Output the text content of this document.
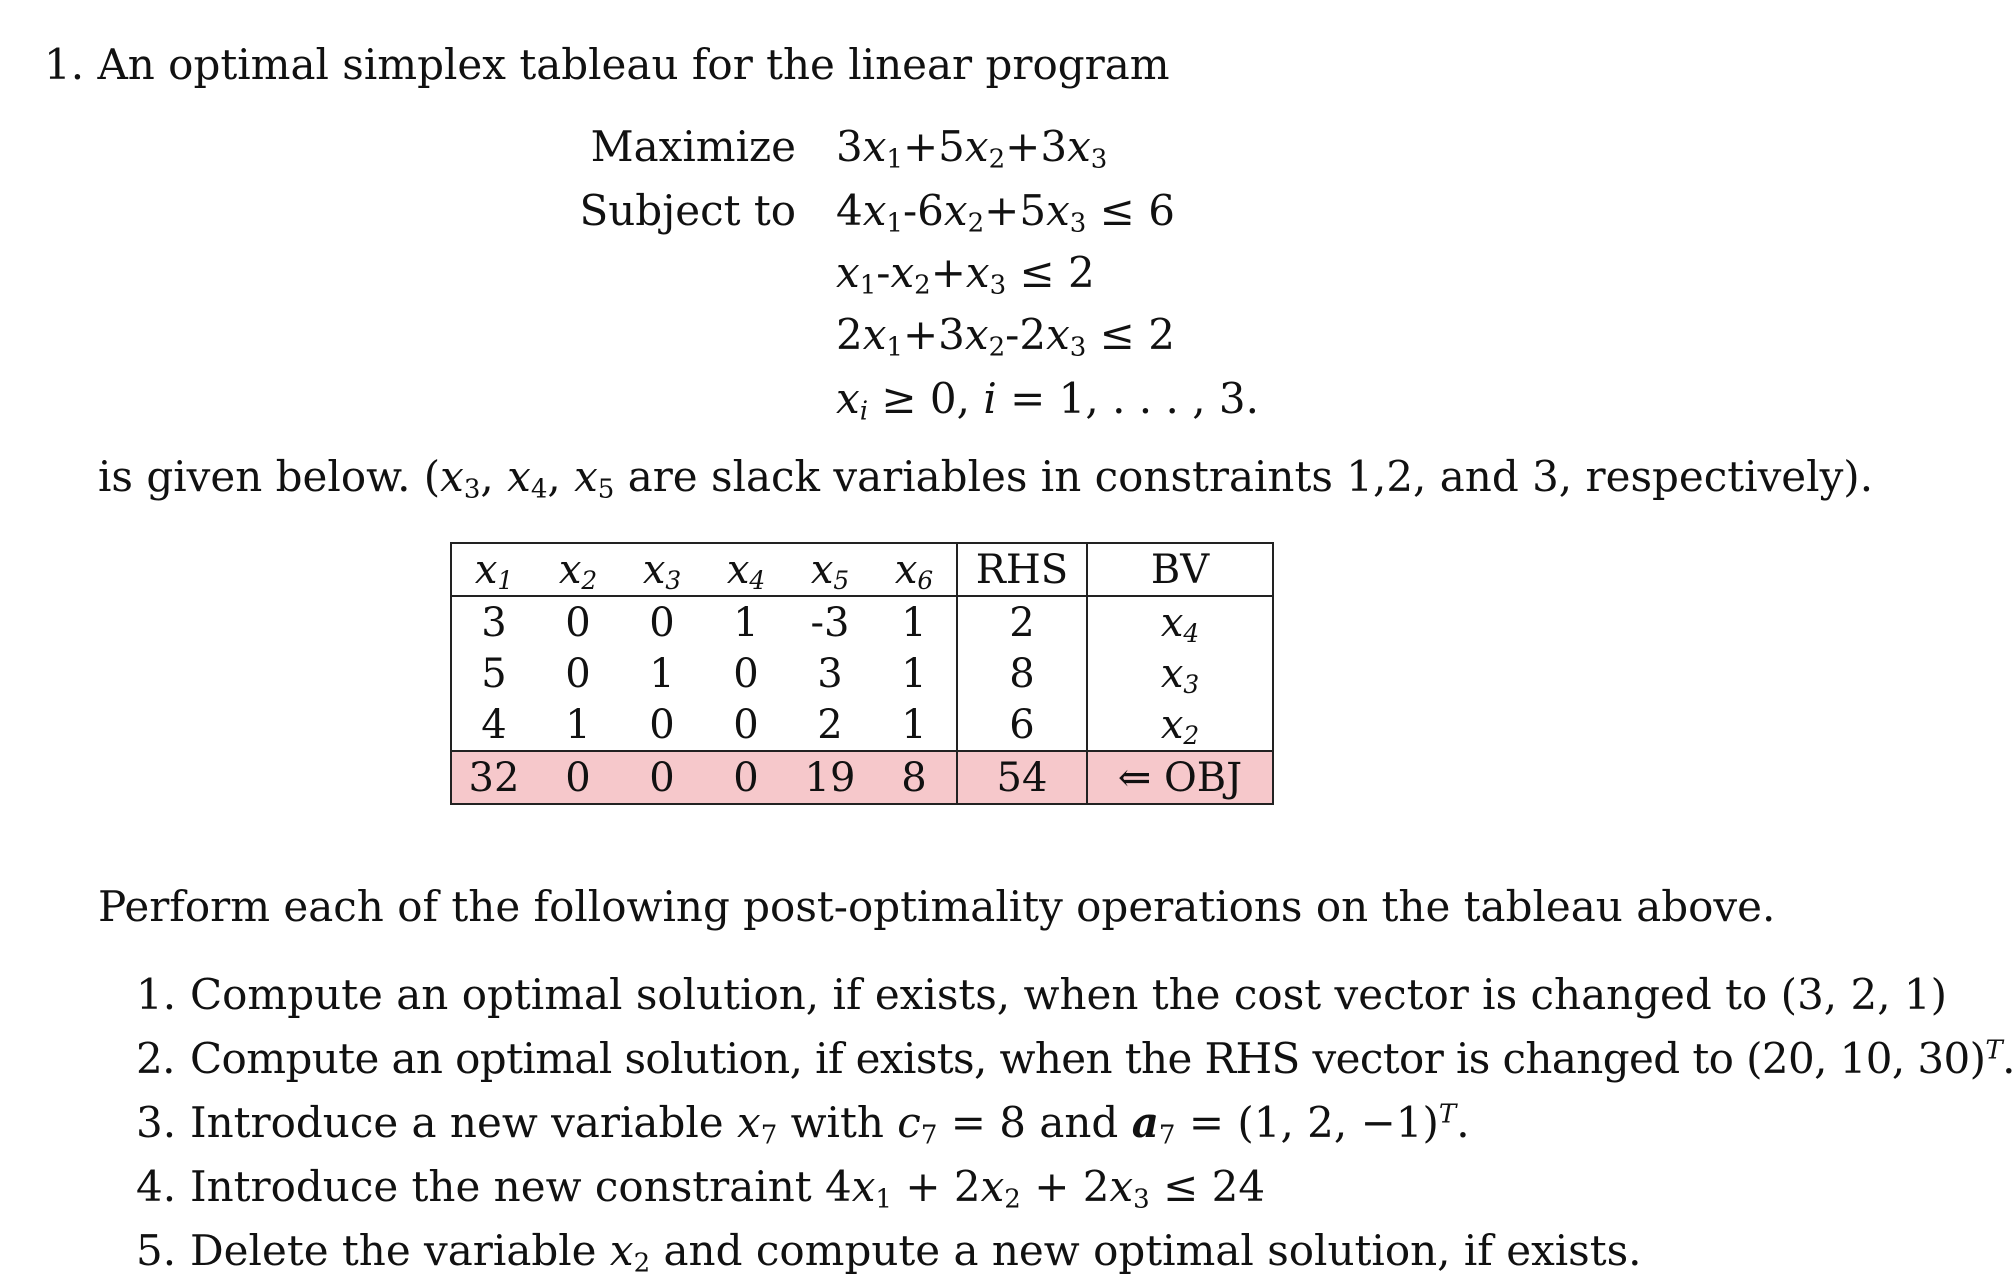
1. An optimal simplex tableau for the linear program
Maximize $3x_1+5x_2+3x_3$
Subject to $4x_1-6x_2+5x_3 \le 6$
$x_1-x_2+x_3 \le 2$
$2x_1+3x_2-2x_3 \le 2$
$x_i \ge 0$, i = 1, . . . , 3.
is given below. ($x_3$, $x_4$, $x_5$ are slack variables in constraints 1,2, and 3, respectively).
$x_1$	$x_2$	$x_3$	$x_4$	$x_5$	$x_6$	RHS	BV
3	0	0	1	-3	1	2	$x_4$
5	0	1	0	3	1	8	$x_3$
4	1	0	0	2	1	6	$x_2$
32	0	0	0	19	8	54	⇐ OBJ
Perform each of the following post-optimality operations on the tableau above.
1. Compute an optimal solution, if exists, when the cost vector is changed to (3, 2, 1)
2. Compute an optimal solution, if exists, when the RHS vector is changed to (20, 10, 30)$^T$.
3. Introduce a new variable $x_7$ with $c_7 = 8$ and $a_7 = (1$, 2, −1)$^T$.
4. Introduce the new constraint $4x_1 + 2x_2 + 2x_3 \le 24$
5. Delete the variable $x_2$ and compute a new optimal solution, if exists.
